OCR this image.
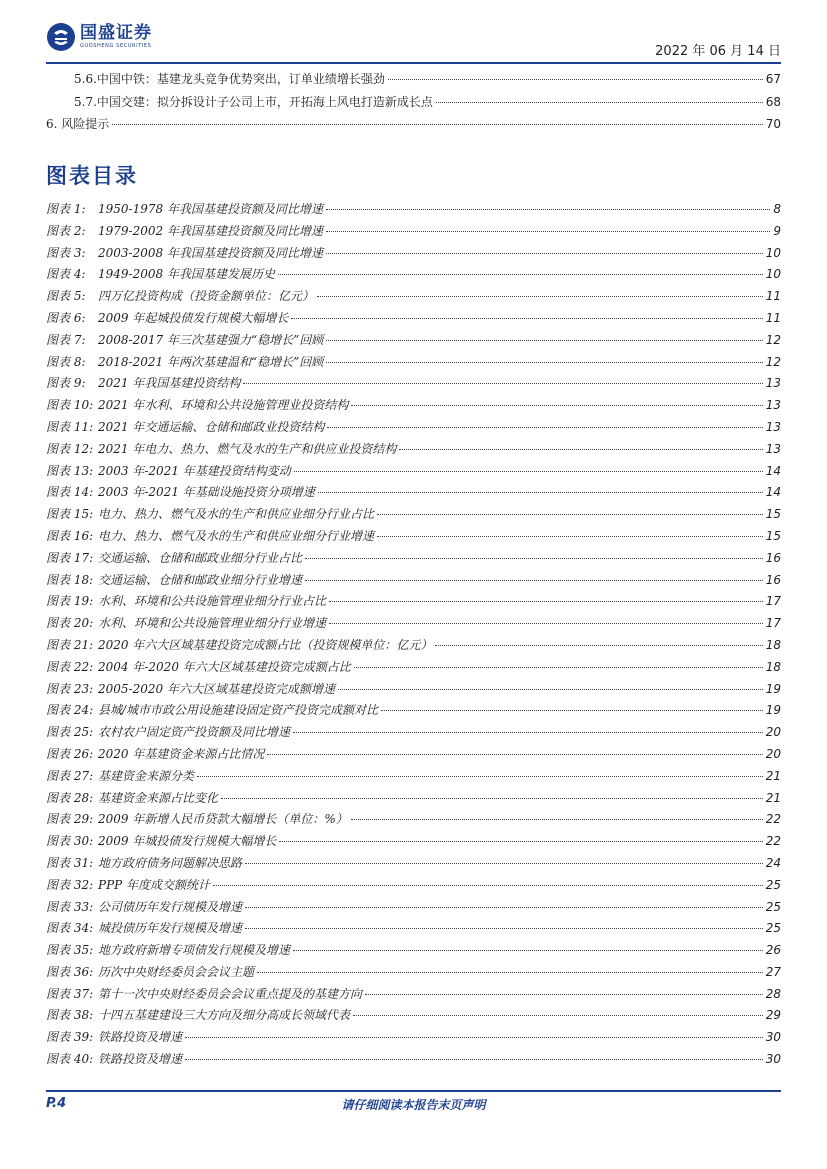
国盛证券
GUOSHENG SECURITIES	2022 年 06 月 14 日
5.6.中国中铁：基建龙头竞争优势突出，订单业绩增长强劲	67
5.7.中国交建：拟分拆设计子公司上市，开拓海上风电打造新成长点	68
6. 风险提示	70
图表目录
图表 1: 1950-1978 年我国基建投资额及同比增速	8
图表 2: 1979-2002 年我国基建投资额及同比增速	9
图表 3: 2003-2008 年我国基建投资额及同比增速	10
图表 4: 1949-2008 年我国基建发展历史	10
图表 5: 四万亿投资构成（投资金额单位：亿元）	11
图表 6: 2009 年起城投债发行规模大幅增长	11
图表 7: 2008-2017 年三次基建强力“稳增长”回顾	12
图表 8: 2018-2021 年两次基建温和“稳增长”回顾	12
图表 9: 2021 年我国基建投资结构	13
图表 10: 2021 年水利、环境和公共设施管理业投资结构	13
图表 11: 2021 年交通运输、仓储和邮政业投资结构	13
图表 12: 2021 年电力、热力、燃气及水的生产和供应业投资结构	13
图表 13: 2003 年-2021 年基建投资结构变动	14
图表 14: 2003 年-2021 年基础设施投资分项增速	14
图表 15: 电力、热力、燃气及水的生产和供应业细分行业占比	15
图表 16: 电力、热力、燃气及水的生产和供应业细分行业增速	15
图表 17: 交通运输、仓储和邮政业细分行业占比	16
图表 18: 交通运输、仓储和邮政业细分行业增速	16
图表 19: 水利、环境和公共设施管理业细分行业占比	17
图表 20: 水利、环境和公共设施管理业细分行业增速	17
图表 21: 2020 年六大区域基建投资完成额占比（投资规模单位：亿元）	18
图表 22: 2004 年-2020 年六大区域基建投资完成额占比	18
图表 23: 2005-2020 年六大区域基建投资完成额增速	19
图表 24: 县城/城市市政公用设施建设固定资产投资完成额对比	19
图表 25: 农村农户固定资产投资额及同比增速	20
图表 26: 2020 年基建资金来源占比情况	20
图表 27: 基建资金来源分类	21
图表 28: 基建资金来源占比变化	21
图表 29: 2009 年新增人民币贷款大幅增长（单位：%）	22
图表 30: 2009 年城投债发行规模大幅增长	22
图表 31: 地方政府债务问题解决思路	24
图表 32: PPP 年度成交额统计	25
图表 33: 公司债历年发行规模及增速	25
图表 34: 城投债历年发行规模及增速	25
图表 35: 地方政府新增专项债发行规模及增速	26
图表 36: 历次中央财经委员会会议主题	27
图表 37: 第十一次中央财经委员会会议重点提及的基建方向	28
图表 38: 十四五基建建设三大方向及细分高成长领域代表	29
图表 39: 铁路投资及增速	30
图表 40: 铁路投资及增速	30
P.4	请仔细阅读本报告末页声明
